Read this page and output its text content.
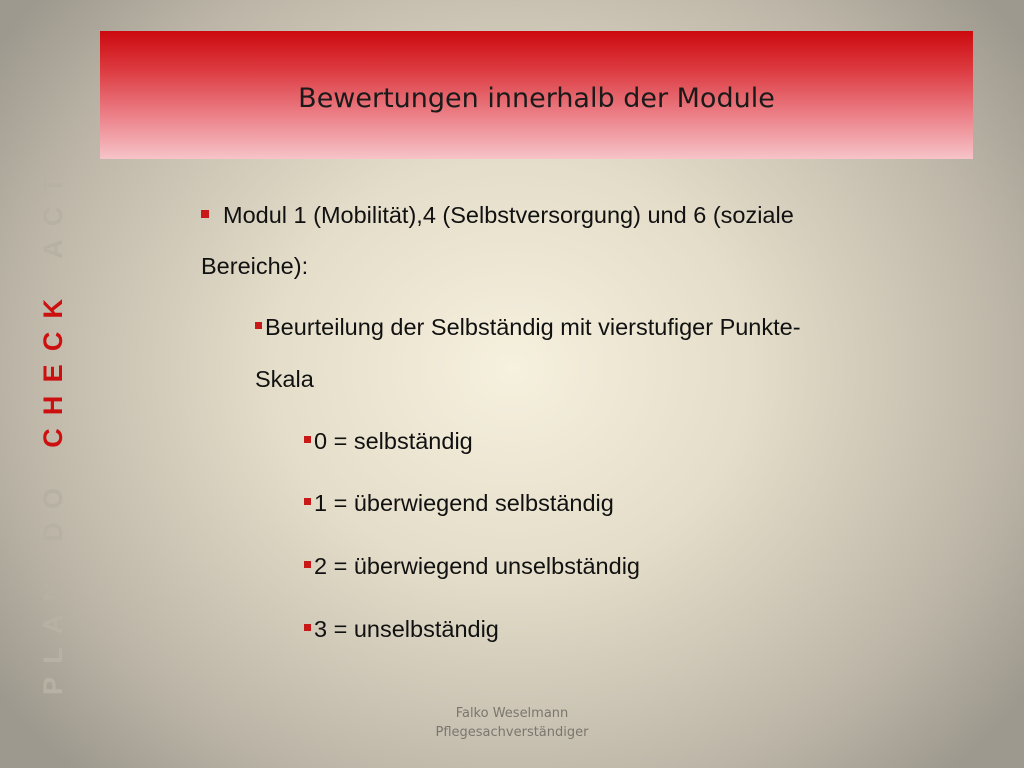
PLANDOCHECKACT
Bewertungen innerhalb der Module
Modul 1 (Mobilität),4 (Selbstversorgung) und 6 (soziale
Bereiche):
Beurteilung der Selbständig mit vierstufiger Punkte-
Skala
0 = selbständig
1 = überwiegend selbständig
2 = überwiegend unselbständig
3 = unselbständig
Falko Weselmann
Pflegesachverständiger
